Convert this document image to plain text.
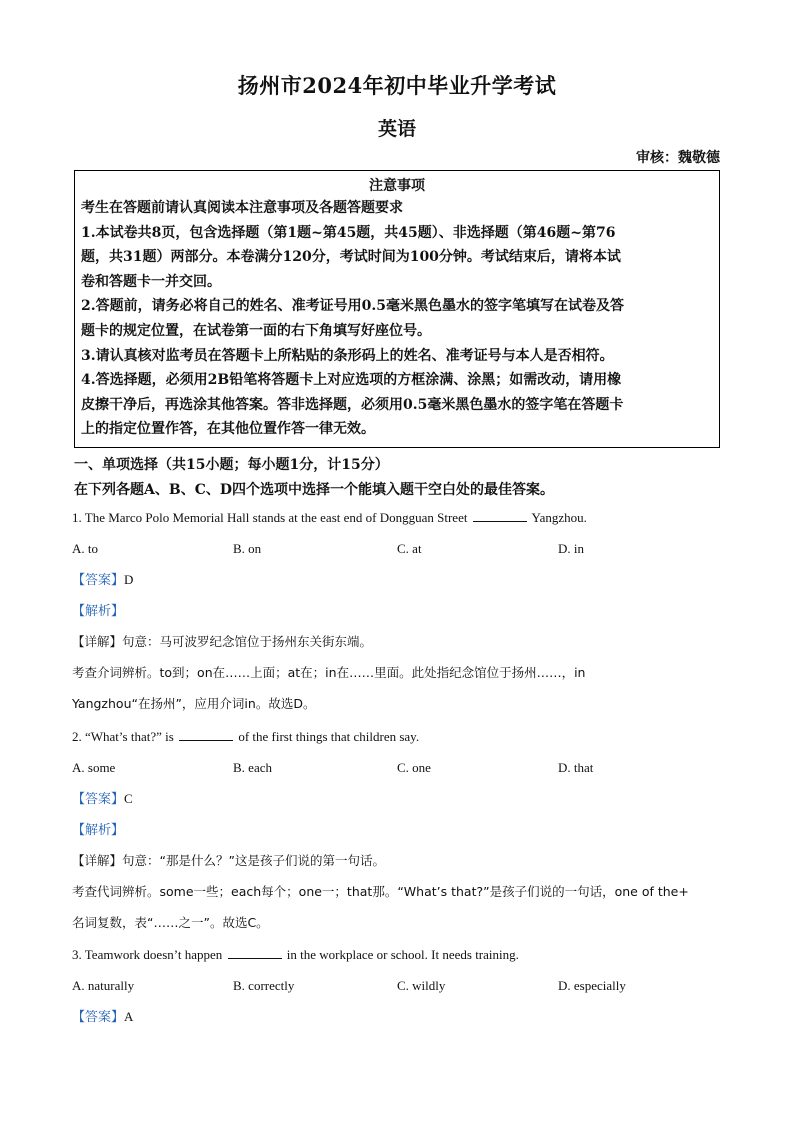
扬州市2024年初中毕业升学考试
英语
审核：魏敬德
注意事项
考生在答题前请认真阅读本注意事项及各题答题要求
1.本试卷共8页，包含选择题（第1题~第45题，共45题）、非选择题（第46题~第76
题，共31题）两部分。本卷满分120分，考试时间为100分钟。考试结束后，请将本试
卷和答题卡一并交回。
2.答题前，请务必将自己的姓名、准考证号用0.5毫米黑色墨水的签字笔填写在试卷及答
题卡的规定位置，在试卷第一面的右下角填写好座位号。
3.请认真核对监考员在答题卡上所粘贴的条形码上的姓名、准考证号与本人是否相符。
4.答选择题，必须用2B铅笔将答题卡上对应选项的方框涂满、涂黑；如需改动，请用橡
皮擦干净后，再选涂其他答案。答非选择题，必须用0.5毫米黑色墨水的签字笔在答题卡
上的指定位置作答，在其他位置作答一律无效。
一、单项选择（共15小题；每小题1分，计15分）
在下列各题A、B、C、D四个选项中选择一个能填入题干空白处的最佳答案。
1. The Marco Polo Memorial Hall stands at the east end of Dongguan Street	Yangzhou.
A. to	B. on	C. at	D. in
【答案】D
【解析】
【详解】句意：马可波罗纪念馆位于扬州东关街东端。
考查介词辨析。to到；on在……上面；at在；in在……里面。此处指纪念馆位于扬州……，in
Yangzhou“在扬州”，应用介词in。故选D。
2. “What’s that?” is	of the first things that children say.
A. some	B. each	C. one	D. that
【答案】C
【解析】
【详解】句意：“那是什么？”这是孩子们说的第一句话。
考查代词辨析。some一些；each每个；one一；that那。“What’s that?”是孩子们说的一句话，one of the+
名词复数，表“……之一”。故选C。
3. Teamwork doesn’t happen	in the workplace or school. It needs training.
A. naturally	B. correctly	C. wildly	D. especially
【答案】A
